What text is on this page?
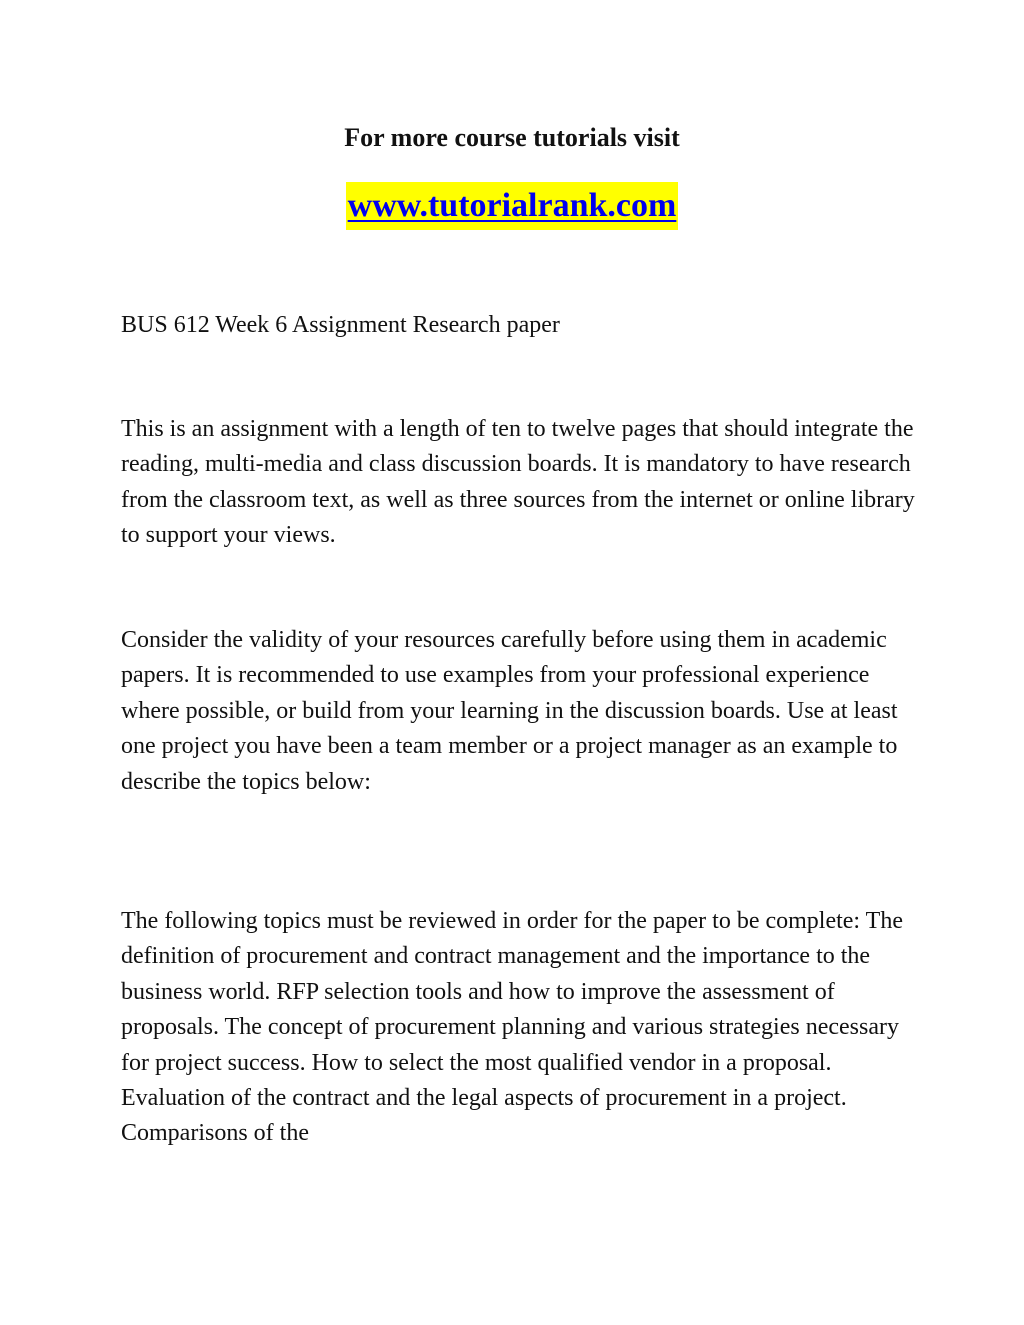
For more course tutorials visit
www.tutorialrank.com

BUS 612 Week 6 Assignment Research paper

This is an assignment with a length of ten to twelve pages that should integrate the reading, multi-media and class discussion boards. It is mandatory to have research from the classroom text, as well as three sources from the internet or online library to support your views.

Consider the validity of your resources carefully before using them in academic papers. It is recommended to use examples from your professional experience where possible, or build from your learning in the discussion boards. Use at least one project you have been a team member or a project manager as an example to describe the topics below:

The following topics must be reviewed in order for the paper to be complete: The definition of procurement and contract management and the importance to the business world. RFP selection tools and how to improve the assessment of proposals. The concept of procurement planning and various strategies necessary for project success. How to select the most qualified vendor in a proposal. Evaluation of the contract and the legal aspects of procurement in a project. Comparisons of the
